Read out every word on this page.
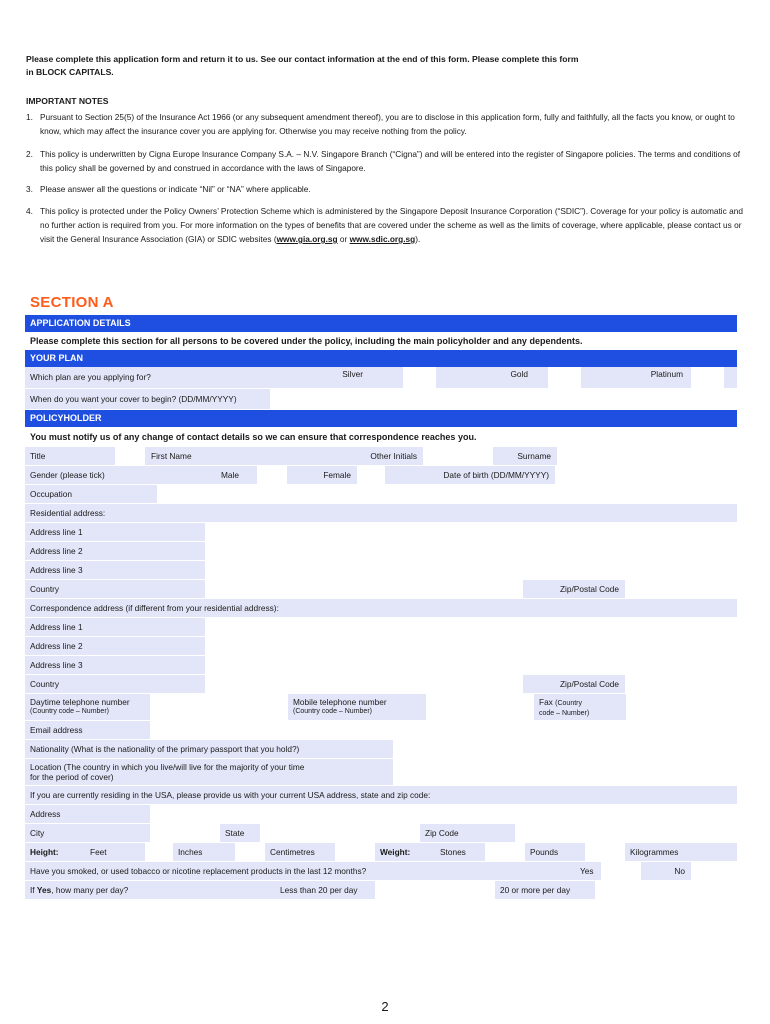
Please complete this application form and return it to us. See our contact information at the end of this form. Please complete this form
in BLOCK CAPITALS.
IMPORTANT NOTES
1. Pursuant to Section 25(5) of the Insurance Act 1966 (or any subsequent amendment thereof), you are to disclose in this application form, fully and faithfully, all the facts you know, or ought to know, which may affect the insurance cover you are applying for. Otherwise you may receive nothing from the policy.
2. This policy is underwritten by Cigna Europe Insurance Company S.A. – N.V. Singapore Branch (“Cigna”) and will be entered into the register of Singapore policies. The terms and conditions of this policy shall be governed by and construed in accordance with the laws of Singapore.
3. Please answer all the questions or indicate “Nil” or “NA” where applicable.
4. This policy is protected under the Policy Owners’ Protection Scheme which is administered by the Singapore Deposit Insurance Corporation (“SDIC”). Coverage for your policy is automatic and no further action is required from you. For more information on the types of benefits that are covered under the scheme as well as the limits of coverage, where applicable, please contact us or visit the General Insurance Association (GIA) or SDIC websites (www.gia.org.sg or www.sdic.org.sg).
SECTION A
APPLICATION DETAILS
Please complete this section for all persons to be covered under the policy, including the main policyholder and any dependents.
YOUR PLAN
Which plan are you applying for?	Silver	Gold	Platinum
When do you want your cover to begin? (DD/MM/YYYY)
POLICYHOLDER
You must notify us of any change of contact details so we can ensure that correspondence reaches you.
Title	First Name	Other Initials	Surname
Gender (please tick)	Male	Female	Date of birth (DD/MM/YYYY)
Occupation
Residential address:
Address line 1
Address line 2
Address line 3
Country	Zip/Postal Code
Correspondence address (if different from your residential address):
Address line 1
Address line 2
Address line 3
Country	Zip/Postal Code
Daytime telephone number
(Country code – Number)
Mobile telephone number
(Country code – Number)
Fax (Country
code – Number)
Email address
Nationality (What is the nationality of the primary passport that you hold?)
Location (The country in which you live/will live for the majority of your time
for the period of cover)
If you are currently residing in the USA, please provide us with your current USA address, state and zip code:
Address
City	State	Zip Code
Height:	Feet	Inches	Centimetres	Weight:	Stones	Pounds	Kilogrammes
Have you smoked, or used tobacco or nicotine replacement products in the last 12 months?	Yes	No
If Yes, how many per day?	Less than 20 per day	20 or more per day
2
